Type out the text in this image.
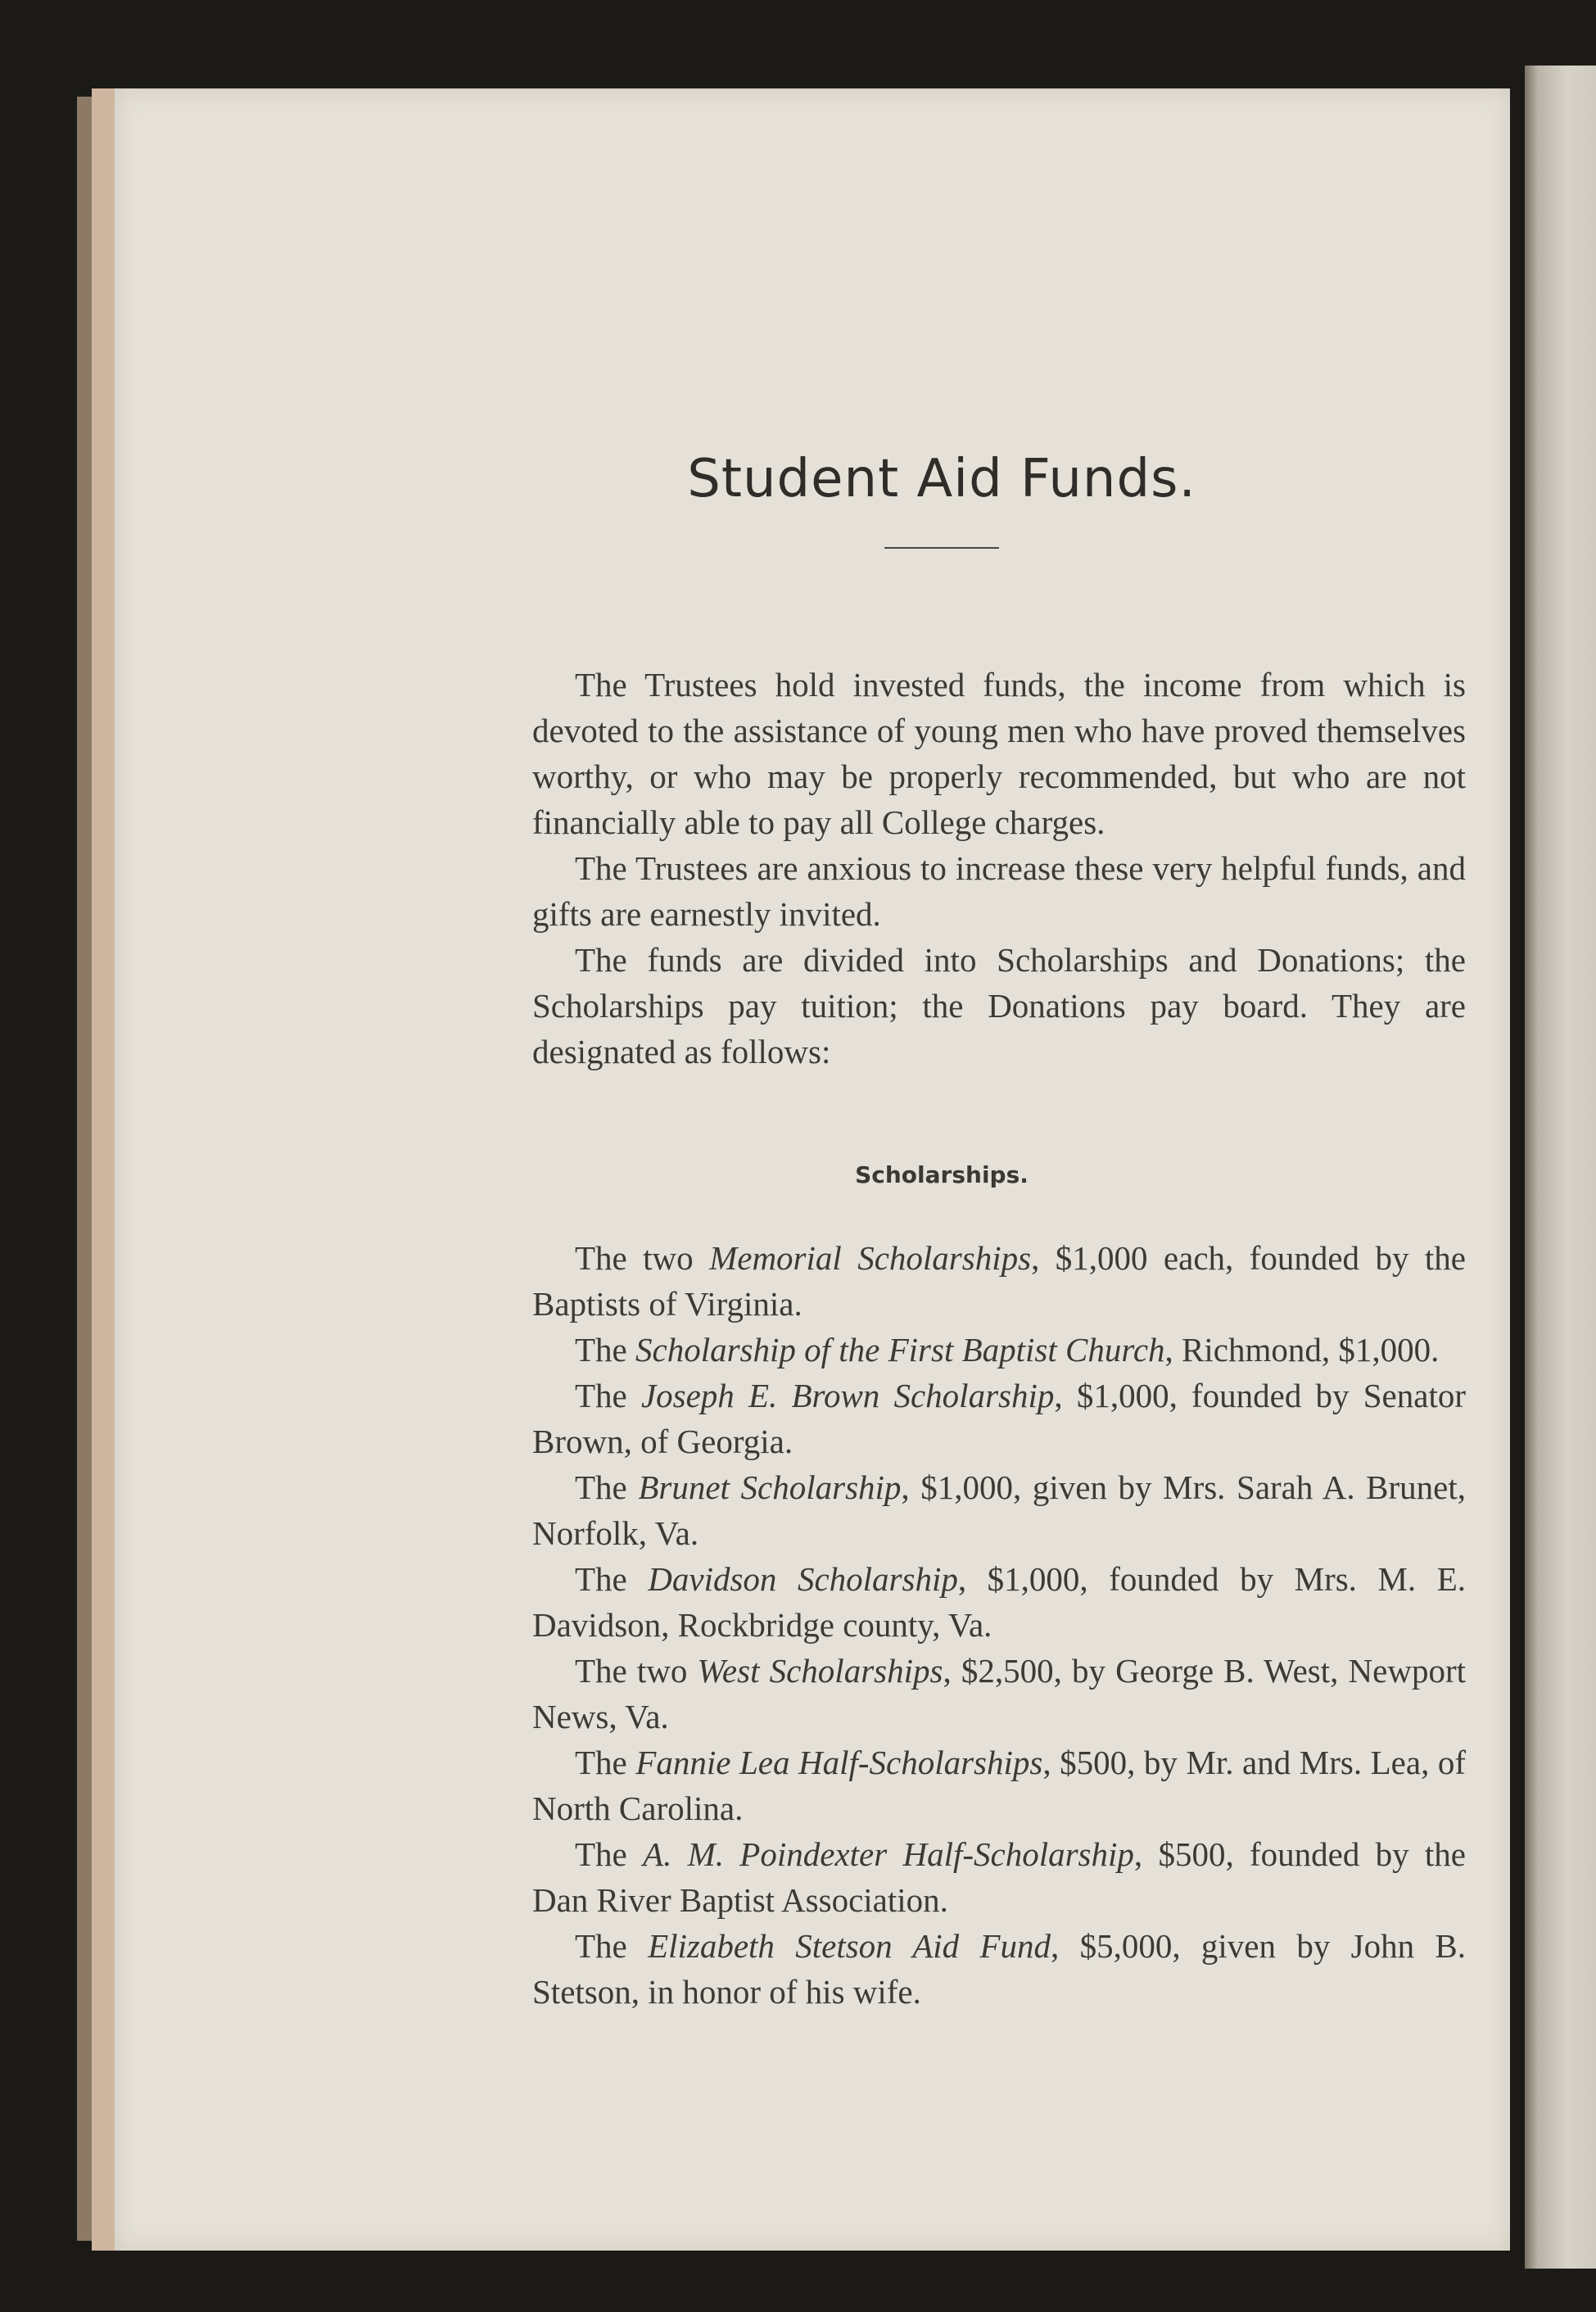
Student Aid Funds.

The Trustees hold invested funds, the income from which is devoted to the assistance of young men who have proved themselves worthy, or who may be properly recommended, but who are not financially able to pay all College charges.

The Trustees are anxious to increase these very helpful funds, and gifts are earnestly invited.

The funds are divided into Scholarships and Donations; the Scholarships pay tuition; the Donations pay board. They are designated as follows:

Scholarships.

The two Memorial Scholarships, $1,000 each, founded by the Baptists of Virginia.

The Scholarship of the First Baptist Church, Richmond, $1,000.

The Joseph E. Brown Scholarship, $1,000, founded by Senator Brown, of Georgia.

The Brunet Scholarship, $1,000, given by Mrs. Sarah A. Brunet, Norfolk, Va.

The Davidson Scholarship, $1,000, founded by Mrs. M. E. Davidson, Rockbridge county, Va.

The two West Scholarships, $2,500, by George B. West, Newport News, Va.

The Fannie Lea Half-Scholarships, $500, by Mr. and Mrs. Lea, of North Carolina.

The A. M. Poindexter Half-Scholarship, $500, founded by the Dan River Baptist Association.

The Elizabeth Stetson Aid Fund, $5,000, given by John B. Stetson, in honor of his wife.
